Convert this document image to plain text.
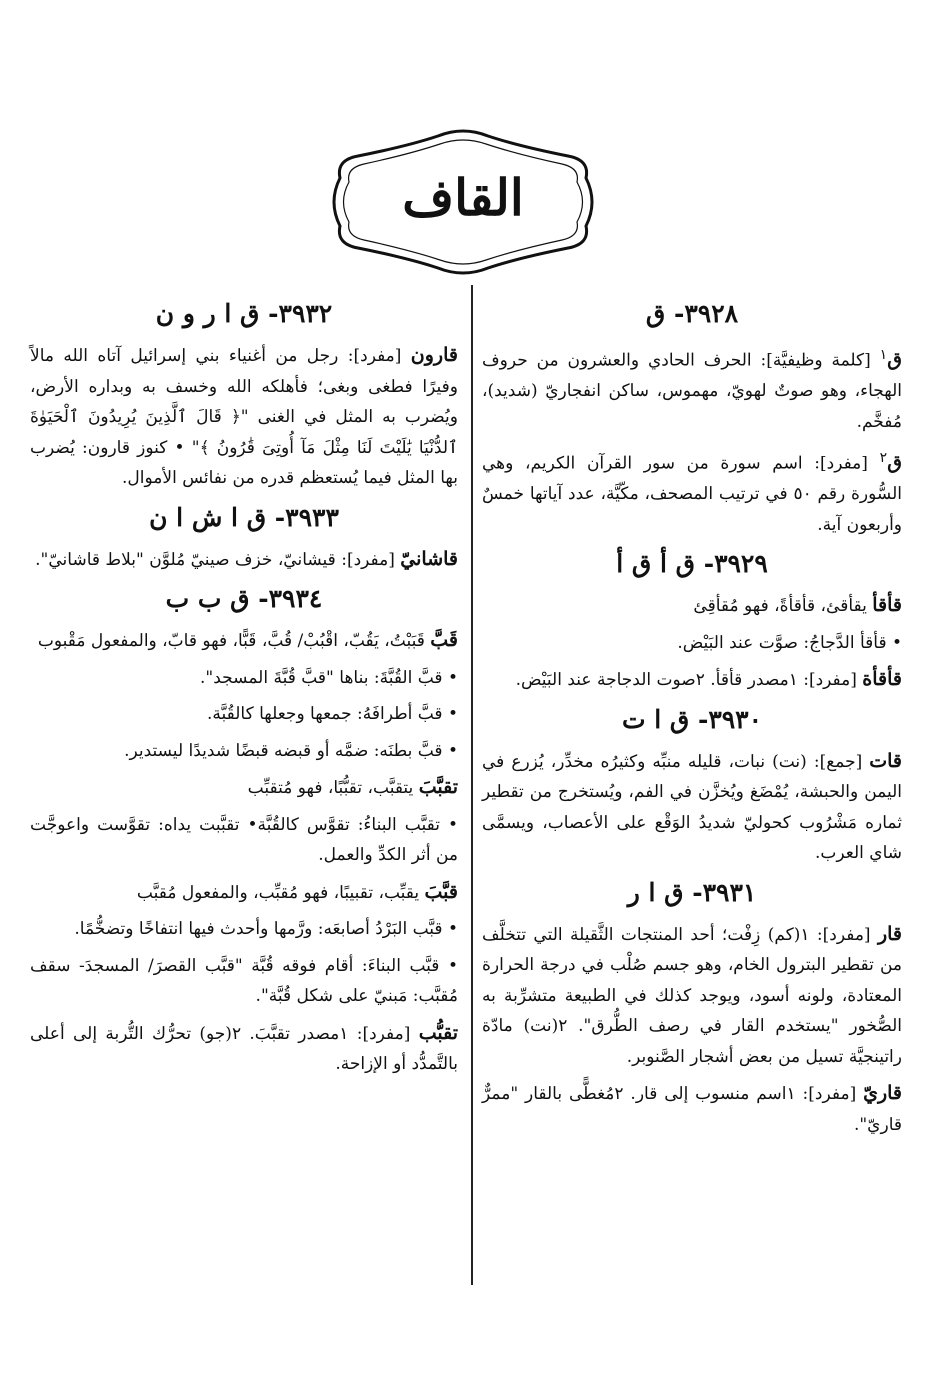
القاف
٣٩٢٨- ق

ق$^١$ [كلمة وظيفيَّة]: الحرف الحادي والعشرون من حروف الهجاء، وهو صوتٌ لهويّ، مهموس، ساكن انفجاريّ (شديد)، مُفخَّم.

ق$^٢$ [مفرد]: اسم سورة من سور القرآن الكريم، وهي السُّورة رقم ٥٠ في ترتيب المصحف، مكّيَّة، عدد آياتها خمسٌ وأربعون آية.

٣٩٢٩- ق أ ق أ

قأقأ يقأقئ، قأقأةً، فهو مُقأقِئ

• قأقأ الدَّجاجُ: صوَّت عند البَيْض.

قأقأة [مفرد]: ١مصدر قأقأ. ٢صوت الدجاجة عند البَيْض.

٣٩٣٠- ق ا ت

قات [جمع]: (نت) نبات، قليله منبِّه وكثيرُه مخدِّر، يُزرع في اليمن والحبشة، يُمْضَغ ويُخزَّن في الفم، ويُستخرج من تقطير ثماره مَشْرُوب كحوليّ شديدُ الوَقْع على الأعصاب، ويسمَّى شاي العرب.

٣٩٣١- ق ا ر

قار [مفرد]: ١(كم) زِفْت؛ أحد المنتجات الثَّقيلة التي تتخلَّف من تقطير البترول الخام، وهو جسم صُلْب في درجة الحرارة المعتادة، ولونه أسود، ويوجد كذلك في الطبيعة متشرِّبة به الصُّخور "يستخدم القار في رصف الطُّرق". ٢(نت) مادّة راتينجيَّة تسيل من بعض أشجار الصَّنوبر.

قاريّ [مفرد]: ١اسم منسوب إلى قار. ٢مُغطًّى بالقار "ممرٌّ قاريّ".

٣٩٣٢- ق ا ر و ن

قارون [مفرد]: رجل من أغنياء بني إسرائيل آتاه الله مالاً وفيرًا فطغى وبغى؛ فأهلكه الله وخسف به وبداره الأرض، ويُضرب به المثل في الغنى "﴿ قَالَ ٱلَّذِينَ يُرِيدُونَ ٱلْحَيَوٰةَ ٱلدُّنْيَا يَٰلَيْتَ لَنَا مِثْلَ مَآ أُوتِىَ قَٰرُونُ ﴾" • كنوز قارون: يُضرب بها المثل فيما يُستعظم قدره من نفائس الأموال.

٣٩٣٣- ق ا ش ا ن

قاشانيّ [مفرد]: قيشانيّ، خزف صينيّ مُلوَّن "بلاط قاشانيّ".

٣٩٣٤- ق ب ب

قَبَّ قَبَبْتُ، يَقُبّ، اقْبُبْ/ قُبَّ، قَبًّا، فهو قابّ، والمفعول مَقْبوب

• قبَّ القُبَّةَ: بناها "قبَّ قُبَّةَ المسجد".

• قبَّ أطرافَهُ: جمعها وجعلها كالقُبَّة.

• قبَّ بطنَه: ضمَّه أو قبضه قبضًا شديدًا ليستدير.

تقبَّبَ يتقبَّب، تقبُّبًا، فهو مُتقبِّب

• تقبَّب البناءُ: تقوَّس كالقُبَّة• تقبَّبت يداه: تقوَّست واعوجَّت من أثر الكدِّ والعمل.

قبَّبَ يقبِّب، تقبيبًا، فهو مُقبِّب، والمفعول مُقبَّب

• قبَّب البَرْدُ أصابعَه: ورَّمها وأحدث فيها انتفاخًا وتضخُّمًا.

• قبَّب البناءَ: أقام فوقه قُبَّة "قبَّب القصرَ/ المسجدَ- سقف مُقبَّب: مَبنيّ على شكل قُبَّة".

تقبُّب [مفرد]: ١مصدر تقبَّبَ. ٢(جو) تحرُّك التُّربة إلى أعلى بالتَّمدُّد أو الإزاحة.
